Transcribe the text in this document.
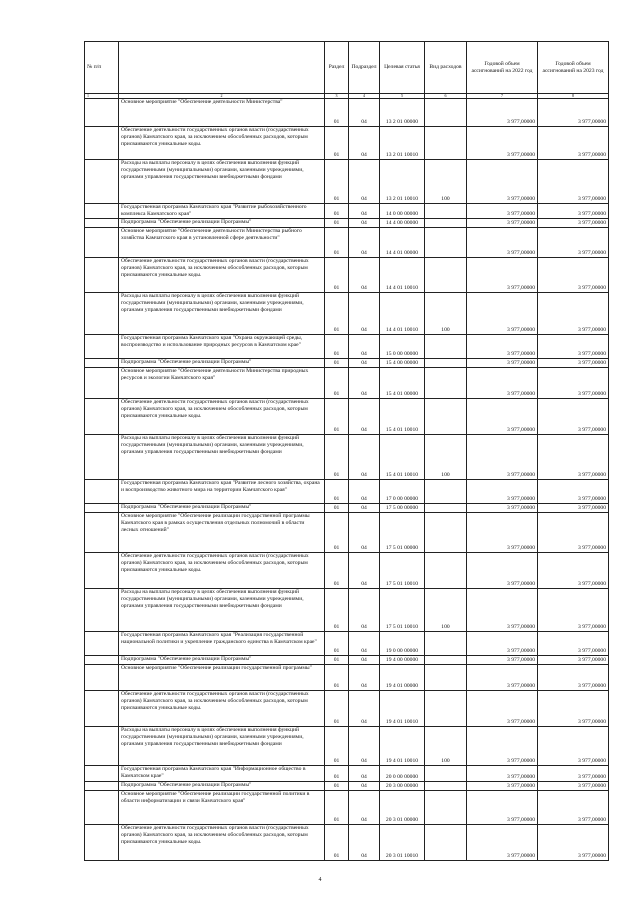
№ п/п		Раздел	Подраздел	Целевая статья	Вид расходов	Годовой объем ассигнований на 2022 год	Годовой объем ассигнований на 2023 год
1	2	3	4	5	6	7	8
	Основное мероприятие "Обеспечение деятельности Министерства"	01	04	13 2 01 00000		3 977,00000	3 977,00000
	Обеспечение деятельности государственных органов власти (государственных органов) Камчатского края, за исключением обособленных расходов, которым присваиваются уникальные коды.	01	04	13 2 01 10010		3 977,00000	3 977,00000
	Расходы на выплаты персоналу в целях обеспечения выполнения функций государственными (муниципальными) органами, казенными учреждениями, органами управления государственными внебюджетными фондами	01	04	13 2 01 10010	100	3 977,00000	3 977,00000
	Государственная программа Камчатского края "Развитие рыбохозяйственного комплекса Камчатского края"	01	04	14 0 00 00000		3 977,00000	3 977,00000
	Подпрограмма "Обеспечение реализации Программы"	01	04	14 4 00 00000		3 977,00000	3 977,00000
	Основное мероприятие "Обеспечение деятельности Министерства рыбного хозяйства Камчатского края в установленной сфере деятельности"	01	04	14 4 01 00000		3 977,00000	3 977,00000
	Обеспечение деятельности государственных органов власти (государственных органов) Камчатского края, за исключением обособленных расходов, которым присваиваются уникальные коды.	01	04	14 4 01 10010		3 977,00000	3 977,00000
	Расходы на выплаты персоналу в целях обеспечения выполнения функций государственными (муниципальными) органами, казенными учреждениями, органами управления государственными внебюджетными фондами	01	04	14 4 01 10010	100	3 977,00000	3 977,00000
	Государственная программа Камчатского края "Охрана окружающей среды, воспроизводство и использование природных ресурсов в Камчатском крае"	01	04	15 0 00 00000		3 977,00000	3 977,00000
	Подпрограмма "Обеспечение реализации Программы"	01	04	15 4 00 00000		3 977,00000	3 977,00000
	Основное мероприятие "Обеспечение деятельности Министерства природных ресурсов и экологии Камчатского края"	01	04	15 4 01 00000		3 977,00000	3 977,00000
	Обеспечение деятельности государственных органов власти (государственных органов) Камчатского края, за исключением обособленных расходов, которым присваиваются уникальные коды.	01	04	15 4 01 10010		3 977,00000	3 977,00000
	Расходы на выплаты персоналу в целях обеспечения выполнения функций государственными (муниципальными) органами, казенными учреждениями, органами управления государственными внебюджетными фондами	01	04	15 4 01 10010	100	3 977,00000	3 977,00000
	Государственная программа Камчатского края "Развитие лесного хозяйства, охрана и воспроизводство животного мира на территории Камчатского края"	01	04	17 0 00 00000		3 977,00000	3 977,00000
	Подпрограмма "Обеспечение реализации Программы"	01	04	17 5 00 00000		3 977,00000	3 977,00000
	Основное мероприятие "Обеспечение реализации государственной программы Камчатского края в рамках осуществления отдельных полномочий в области лесных отношений"	01	04	17 5 01 00000		3 977,00000	3 977,00000
	Обеспечение деятельности государственных органов власти (государственных органов) Камчатского края, за исключением обособленных расходов, которым присваиваются уникальные коды.	01	04	17 5 01 10010		3 977,00000	3 977,00000
	Расходы на выплаты персоналу в целях обеспечения выполнения функций государственными (муниципальными) органами, казенными учреждениями, органами управления государственными внебюджетными фондами	01	04	17 5 01 10010	100	3 977,00000	3 977,00000
	Государственная программа Камчатского края "Реализация государственной национальной политики и укрепление гражданского единства в Камчатском крае"	01	04	19 0 00 00000		3 977,00000	3 977,00000
	Подпрограмма "Обеспечение реализации Программы"	01	04	19 4 00 00000		3 977,00000	3 977,00000
	Основное мероприятие "Обеспечение реализации государственной программы"	01	04	19 4 01 00000		3 977,00000	3 977,00000
	Обеспечение деятельности государственных органов власти (государственных органов) Камчатского края, за исключением обособленных расходов, которым присваиваются уникальные коды.	01	04	19 4 01 10010		3 977,00000	3 977,00000
	Расходы на выплаты персоналу в целях обеспечения выполнения функций государственными (муниципальными) органами, казенными учреждениями, органами управления государственными внебюджетными фондами	01	04	19 4 01 10010	100	3 977,00000	3 977,00000
	Государственная программа Камчатского края "Информационное общество в Камчатском крае"	01	04	20 0 00 00000		3 977,00000	3 977,00000
	Подпрограмма "Обеспечение реализации Программы"	01	04	20 3 00 00000		3 977,00000	3 977,00000
	Основное мероприятие "Обеспечение реализации государственной политики в области информатизации и связи Камчатского края"	01	04	20 3 01 00000		3 977,00000	3 977,00000
	Обеспечение деятельности государственных органов власти (государственных органов) Камчатского края, за исключением обособленных расходов, которым присваиваются уникальные коды.	01	04	20 3 01 10010		3 977,00000	3 977,00000
4
